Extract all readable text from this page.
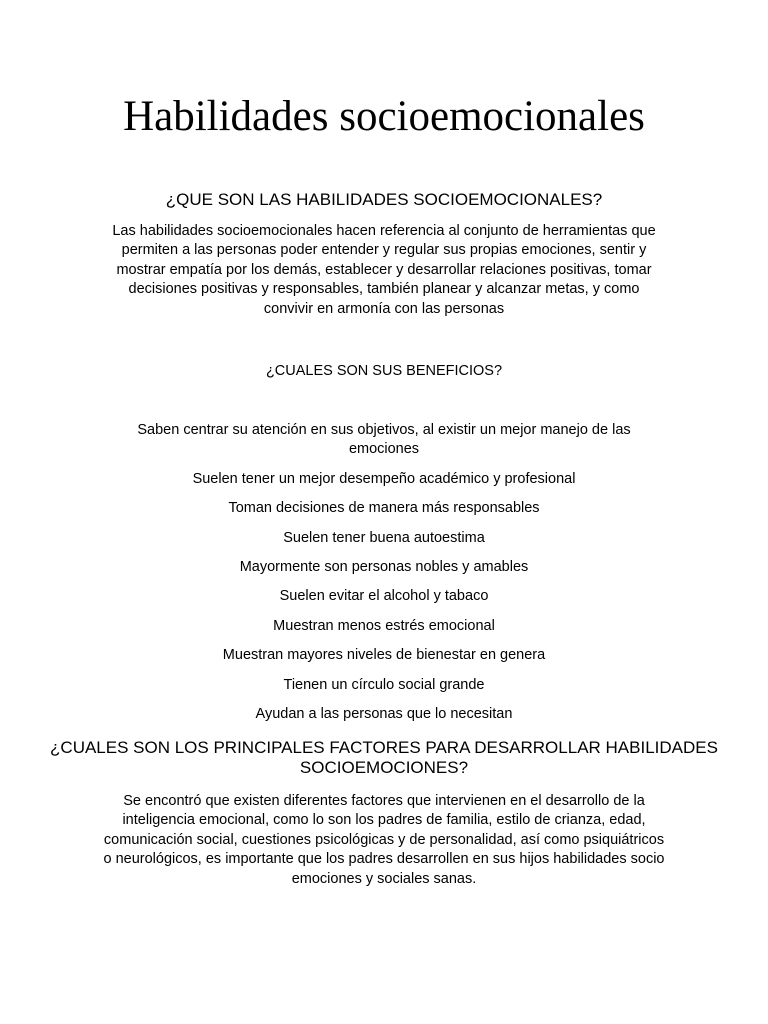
Habilidades socioemocionales
¿QUE SON LAS HABILIDADES SOCIOEMOCIONALES?

Las habilidades socioemocionales hacen referencia al conjunto de herramientas que permiten a las personas poder entender y regular sus propias emociones, sentir y mostrar empatía por los demás, establecer y desarrollar relaciones positivas, tomar decisiones positivas y responsables, también planear y alcanzar metas, y como convivir en armonía con las personas

¿CUALES SON SUS BENEFICIOS?
Saben centrar su atención en sus objetivos, al existir un mejor manejo de las emociones
Suelen tener un mejor desempeño académico y profesional
Toman decisiones de manera más responsables
Suelen tener buena autoestima
Mayormente son personas nobles y amables
Suelen evitar el alcohol y tabaco
Muestran menos estrés emocional
Muestran mayores niveles de bienestar en genera
Tienen un círculo social grande
Ayudan a las personas que lo necesitan
¿CUALES SON LOS PRINCIPALES FACTORES PARA DESARROLLAR HABILIDADES SOCIOEMOCIONES?

Se encontró que existen diferentes factores que intervienen en el desarrollo de la inteligencia emocional, como lo son los padres de familia, estilo de crianza, edad, comunicación social, cuestiones psicológicas y de personalidad, así como psiquiátricos o neurológicos, es importante que los padres desarrollen en sus hijos habilidades socio emociones y sociales sanas.
